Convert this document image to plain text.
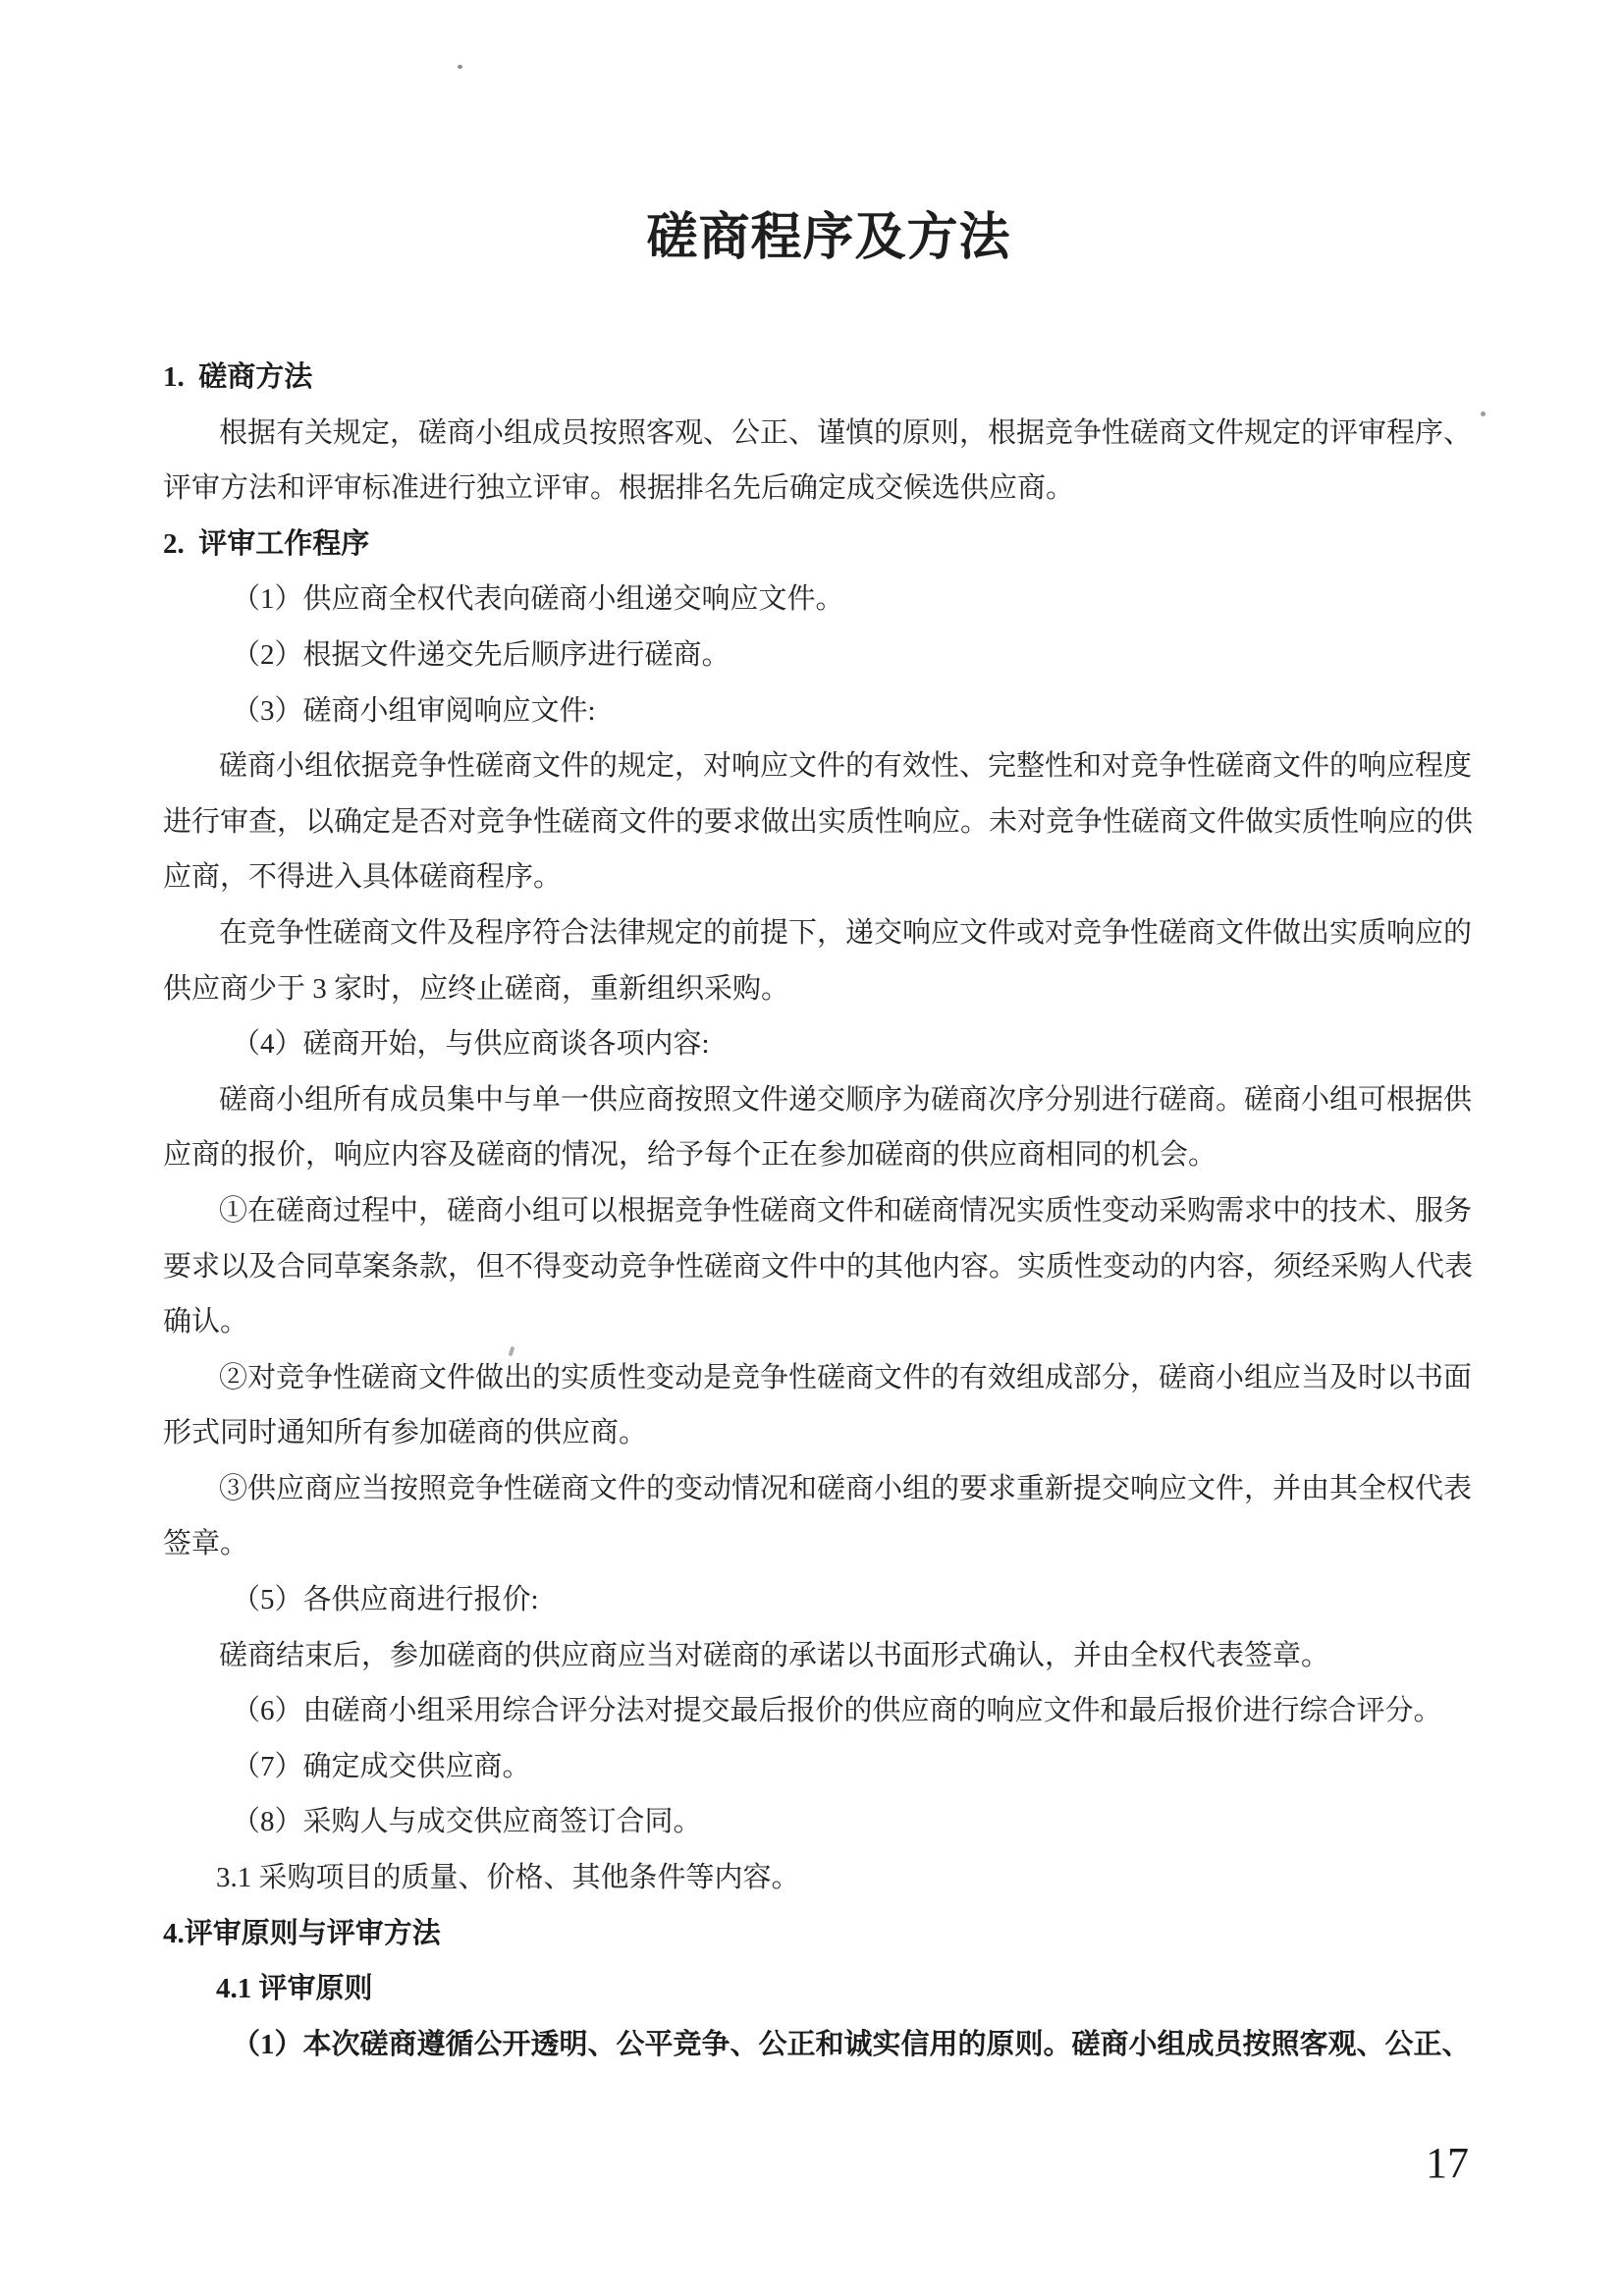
磋商程序及方法
1.  磋商方法
根据有关规定，磋商小组成员按照客观、公正、谨慎的原则，根据竞争性磋商文件规定的评审程序、
评审方法和评审标准进行独立评审。根据排名先后确定成交候选供应商。
2.  评审工作程序
（1）供应商全权代表向磋商小组递交响应文件。
（2）根据文件递交先后顺序进行磋商。
（3）磋商小组审阅响应文件:
磋商小组依据竞争性磋商文件的规定，对响应文件的有效性、完整性和对竞争性磋商文件的响应程度
进行审查，以确定是否对竞争性磋商文件的要求做出实质性响应。未对竞争性磋商文件做实质性响应的供
应商，不得进入具体磋商程序。
在竞争性磋商文件及程序符合法律规定的前提下，递交响应文件或对竞争性磋商文件做出实质响应的
供应商少于 3 家时，应终止磋商，重新组织采购。
（4）磋商开始，与供应商谈各项内容:
磋商小组所有成员集中与单一供应商按照文件递交顺序为磋商次序分别进行磋商。磋商小组可根据供
应商的报价，响应内容及磋商的情况，给予每个正在参加磋商的供应商相同的机会。
①在磋商过程中，磋商小组可以根据竞争性磋商文件和磋商情况实质性变动采购需求中的技术、服务
要求以及合同草案条款，但不得变动竞争性磋商文件中的其他内容。实质性变动的内容，须经采购人代表
确认。
②对竞争性磋商文件做出的实质性变动是竞争性磋商文件的有效组成部分，磋商小组应当及时以书面
形式同时通知所有参加磋商的供应商。
③供应商应当按照竞争性磋商文件的变动情况和磋商小组的要求重新提交响应文件，并由其全权代表
签章。
（5）各供应商进行报价:
磋商结束后，参加磋商的供应商应当对磋商的承诺以书面形式确认，并由全权代表签章。
（6）由磋商小组采用综合评分法对提交最后报价的供应商的响应文件和最后报价进行综合评分。
（7）确定成交供应商。
（8）采购人与成交供应商签订合同。
3.1 采购项目的质量、价格、其他条件等内容。
4.评审原则与评审方法
4.1 评审原则
（1）本次磋商遵循公开透明、公平竞争、公正和诚实信用的原则。磋商小组成员按照客观、公正、
17
